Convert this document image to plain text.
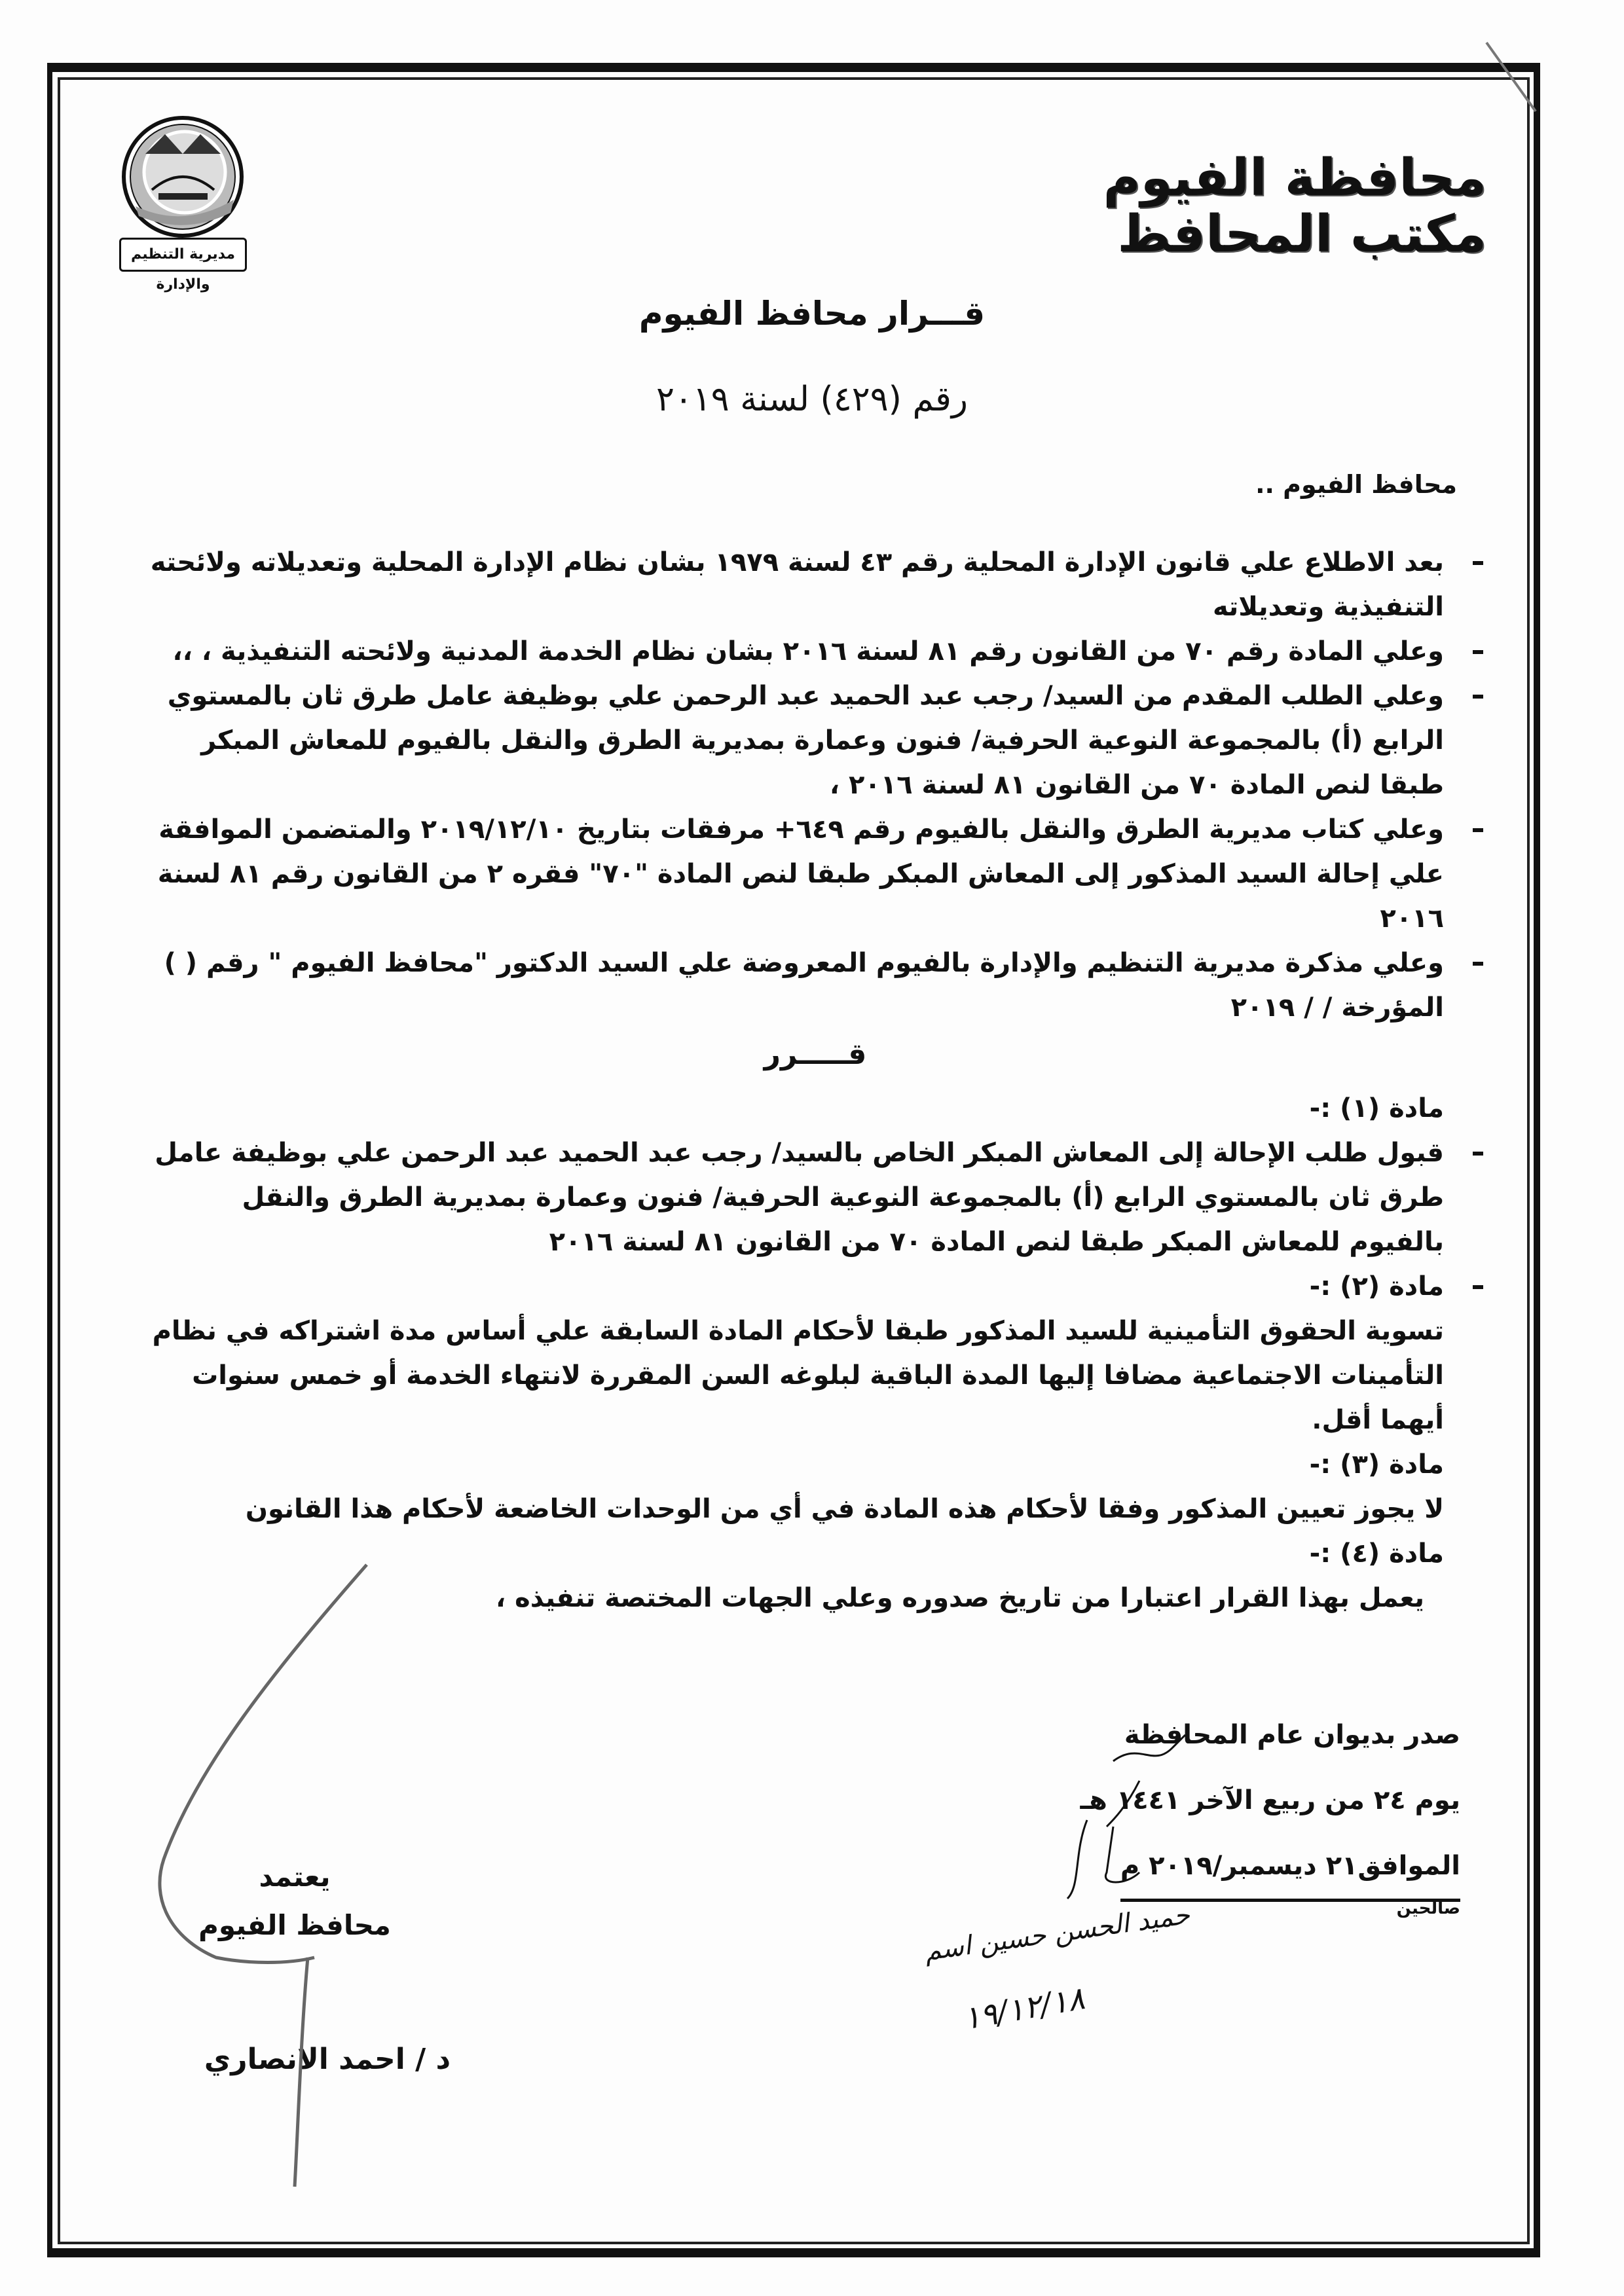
مديرية التنظيم والإدارة
محافظة الفيوم
مكتب المحافظ
قـــرار محافظ الفيوم
رقم (٤٢٩) لسنة ٢٠١٩
محافظ الفيوم ..
بعد الاطلاع علي قانون الإدارة المحلية رقم ٤٣ لسنة ١٩٧٩ بشان نظام الإدارة المحلية وتعديلاته ولائحته التنفيذية وتعديلاته
وعلي المادة رقم ٧٠ من القانون رقم ٨١ لسنة ٢٠١٦ بشان نظام الخدمة المدنية ولائحته التنفيذية ، ،،
وعلي الطلب المقدم من السيد/ رجب عبد الحميد عبد الرحمن علي بوظيفة عامل طرق ثان بالمستوي الرابع (أ) بالمجموعة النوعية الحرفية/ فنون وعمارة بمديرية الطرق والنقل بالفيوم للمعاش المبكر طبقا لنص المادة ٧٠ من القانون ٨١ لسنة ٢٠١٦ ،
وعلي كتاب مديرية الطرق والنقل بالفيوم رقم ٦٤٩+ مرفقات بتاريخ ٢٠١٩/١٢/١٠ والمتضمن الموافقة علي إحالة السيد المذكور إلى المعاش المبكر طبقا لنص المادة "٧٠" فقره ٢ من القانون رقم ٨١ لسنة ٢٠١٦
وعلي مذكرة مديرية التنظيم والإدارة بالفيوم المعروضة علي السيد الدكتور "محافظ الفيوم " رقم ( ) المؤرخة / / ٢٠١٩
قـــــرر
مادة (١) :-
قبول طلب الإحالة إلى المعاش المبكر الخاص بالسيد/ رجب عبد الحميد عبد الرحمن علي بوظيفة عامل طرق ثان بالمستوي الرابع (أ) بالمجموعة النوعية الحرفية/ فنون وعمارة بمديرية الطرق والنقل بالفيوم للمعاش المبكر طبقا لنص المادة ٧٠ من القانون ٨١ لسنة ٢٠١٦
مادة (٢) :-
تسوية الحقوق التأمينية للسيد المذكور طبقا لأحكام المادة السابقة علي أساس مدة اشتراكه في نظام التأمينات الاجتماعية مضافا إليها المدة الباقية لبلوغه السن المقررة لانتهاء الخدمة أو خمس سنوات أيهما أقل.
مادة (٣) :-
لا يجوز تعيين المذكور وفقا لأحكام هذه المادة في أي من الوحدات الخاضعة لأحكام هذا القانون
مادة (٤) :-
يعمل بهذا القرار اعتبارا من تاريخ صدوره وعلي الجهات المختصة تنفيذه ،
صدر بديوان عام المحافظة
يوم ٢٤ من ربيع الآخر ١٤٤١ هـ
الموافق٢١ ديسمبر/٢٠١٩ م
صالحين
يعتمد
محافظ الفيوم
د / احمد الانصاري
حميد الحسن حسين اسم
١٩/١٢/١٨
